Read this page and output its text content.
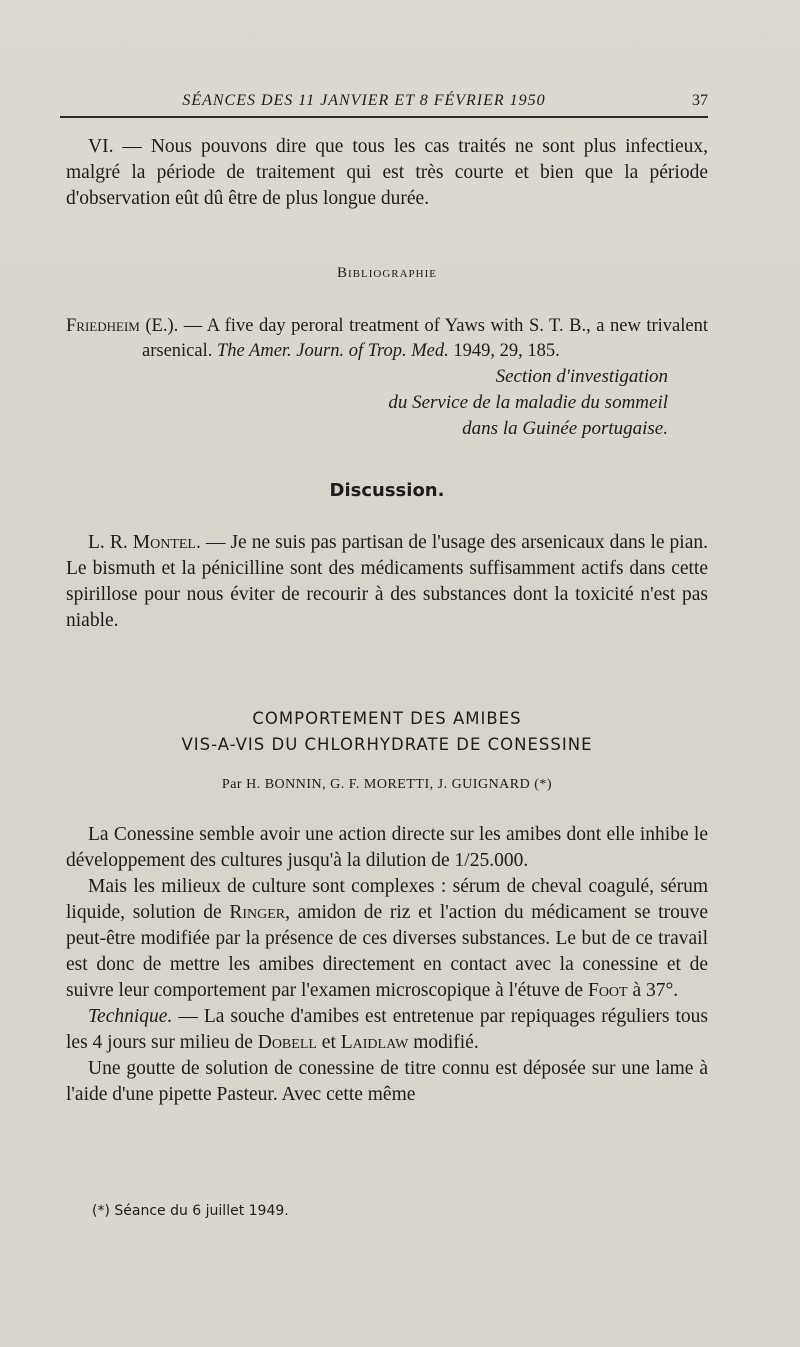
SÉANCES DES 11 JANVIER ET 8 FÉVRIER 1950	37

VI. — Nous pouvons dire que tous les cas traités ne sont plus infectieux, malgré la période de traitement qui est très courte et bien que la période d'observation eût dû être de plus longue durée.

Bibliographie

Friedheim (E.). — A five day peroral treatment of Yaws with S. T. B., a new trivalent arsenical. The Amer. Journ. of Trop. Med. 1949, 29, 185.

Section d'investigation
du Service de la maladie du sommeil
dans la Guinée portugaise.

Discussion.

L. R. Montel. — Je ne suis pas partisan de l'usage des arsenicaux dans le pian. Le bismuth et la pénicilline sont des médicaments suffisamment actifs dans cette spirillose pour nous éviter de recourir à des substances dont la toxicité n'est pas niable.

COMPORTEMENT DES AMIBES
VIS-A-VIS DU CHLORHYDRATE DE CONESSINE

Par H. BONNIN, G. F. MORETTI, J. GUIGNARD (*)

La Conessine semble avoir une action directe sur les amibes dont elle inhibe le développement des cultures jusqu'à la dilution de 1/25.000.

Mais les milieux de culture sont complexes : sérum de cheval coagulé, sérum liquide, solution de Ringer, amidon de riz et l'action du médicament se trouve peut-être modifiée par la présence de ces diverses substances. Le but de ce travail est donc de mettre les amibes directement en contact avec la conessine et de suivre leur comportement par l'examen microscopique à l'étuve de Foot à 37°.

Technique. — La souche d'amibes est entretenue par repiquages réguliers tous les 4 jours sur milieu de Dobell et Laidlaw modifié.

Une goutte de solution de conessine de titre connu est déposée sur une lame à l'aide d'une pipette Pasteur. Avec cette même

(*) Séance du 6 juillet 1949.
